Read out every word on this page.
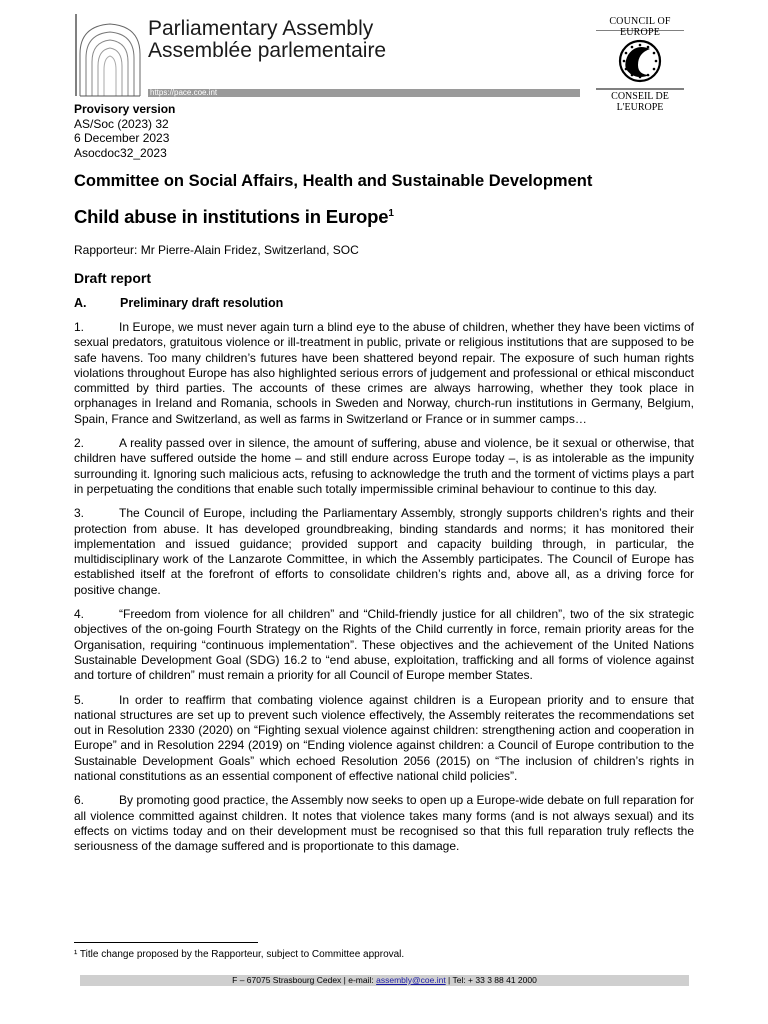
Parliamentary Assembly
Assemblée parlementaire
https://pace.coe.int
COUNCIL OF EUROPE
CONSEIL DE L'EUROPE
Provisory version
AS/Soc (2023) 32
6 December 2023
Asocdoc32_2023
Committee on Social Affairs, Health and Sustainable Development
Child abuse in institutions in Europe$^1$
Rapporteur: Mr Pierre-Alain Fridez, Switzerland, SOC
Draft report
A.	Preliminary draft resolution

1.	In Europe, we must never again turn a blind eye to the abuse of children, whether they have been victims of sexual predators, gratuitous violence or ill-treatment in public, private or religious institutions that are supposed to be safe havens. Too many children’s futures have been shattered beyond repair. The exposure of such human rights violations throughout Europe has also highlighted serious errors of judgement and professional or ethical misconduct committed by third parties. The accounts of these crimes are always harrowing, whether they took place in orphanages in Ireland and Romania, schools in Sweden and Norway, church-run institutions in Germany, Belgium, Spain, France and Switzerland, as well as farms in Switzerland or France or in summer camps…

2.	A reality passed over in silence, the amount of suffering, abuse and violence, be it sexual or otherwise, that children have suffered outside the home – and still endure across Europe today –, is as intolerable as the impunity surrounding it. Ignoring such malicious acts, refusing to acknowledge the truth and the torment of victims plays a part in perpetuating the conditions that enable such totally impermissible criminal behaviour to continue to this day.

3.	The Council of Europe, including the Parliamentary Assembly, strongly supports children’s rights and their protection from abuse. It has developed groundbreaking, binding standards and norms; it has monitored their implementation and issued guidance; provided support and capacity building through, in particular, the multidisciplinary work of the Lanzarote Committee, in which the Assembly participates. The Council of Europe has established itself at the forefront of efforts to consolidate children’s rights and, above all, as a driving force for positive change.

4.	“Freedom from violence for all children” and “Child-friendly justice for all children”, two of the six strategic objectives of the on-going Fourth Strategy on the Rights of the Child currently in force, remain priority areas for the Organisation, requiring “continuous implementation”. These objectives and the achievement of the United Nations Sustainable Development Goal (SDG) 16.2 to “end abuse, exploitation, trafficking and all forms of violence against and torture of children” must remain a priority for all Council of Europe member States.

5.	In order to reaffirm that combating violence against children is a European priority and to ensure that national structures are set up to prevent such violence effectively, the Assembly reiterates the recommendations set out in Resolution 2330 (2020) on “Fighting sexual violence against children: strengthening action and cooperation in Europe” and in Resolution 2294 (2019) on “Ending violence against children: a Council of Europe contribution to the Sustainable Development Goals” which echoed Resolution 2056 (2015) on “The inclusion of children’s rights in national constitutions as an essential component of effective national child policies”.

6.	By promoting good practice, the Assembly now seeks to open up a Europe-wide debate on full reparation for all violence committed against children. It notes that violence takes many forms (and is not always sexual) and its effects on victims today and on their development must be recognised so that this full reparation truly reflects the seriousness of the damage suffered and is proportionate to this damage.

¹ Title change proposed by the Rapporteur, subject to Committee approval.
F – 67075 Strasbourg Cedex | e-mail: assembly@coe.int | Tel: + 33 3 88 41 2000
